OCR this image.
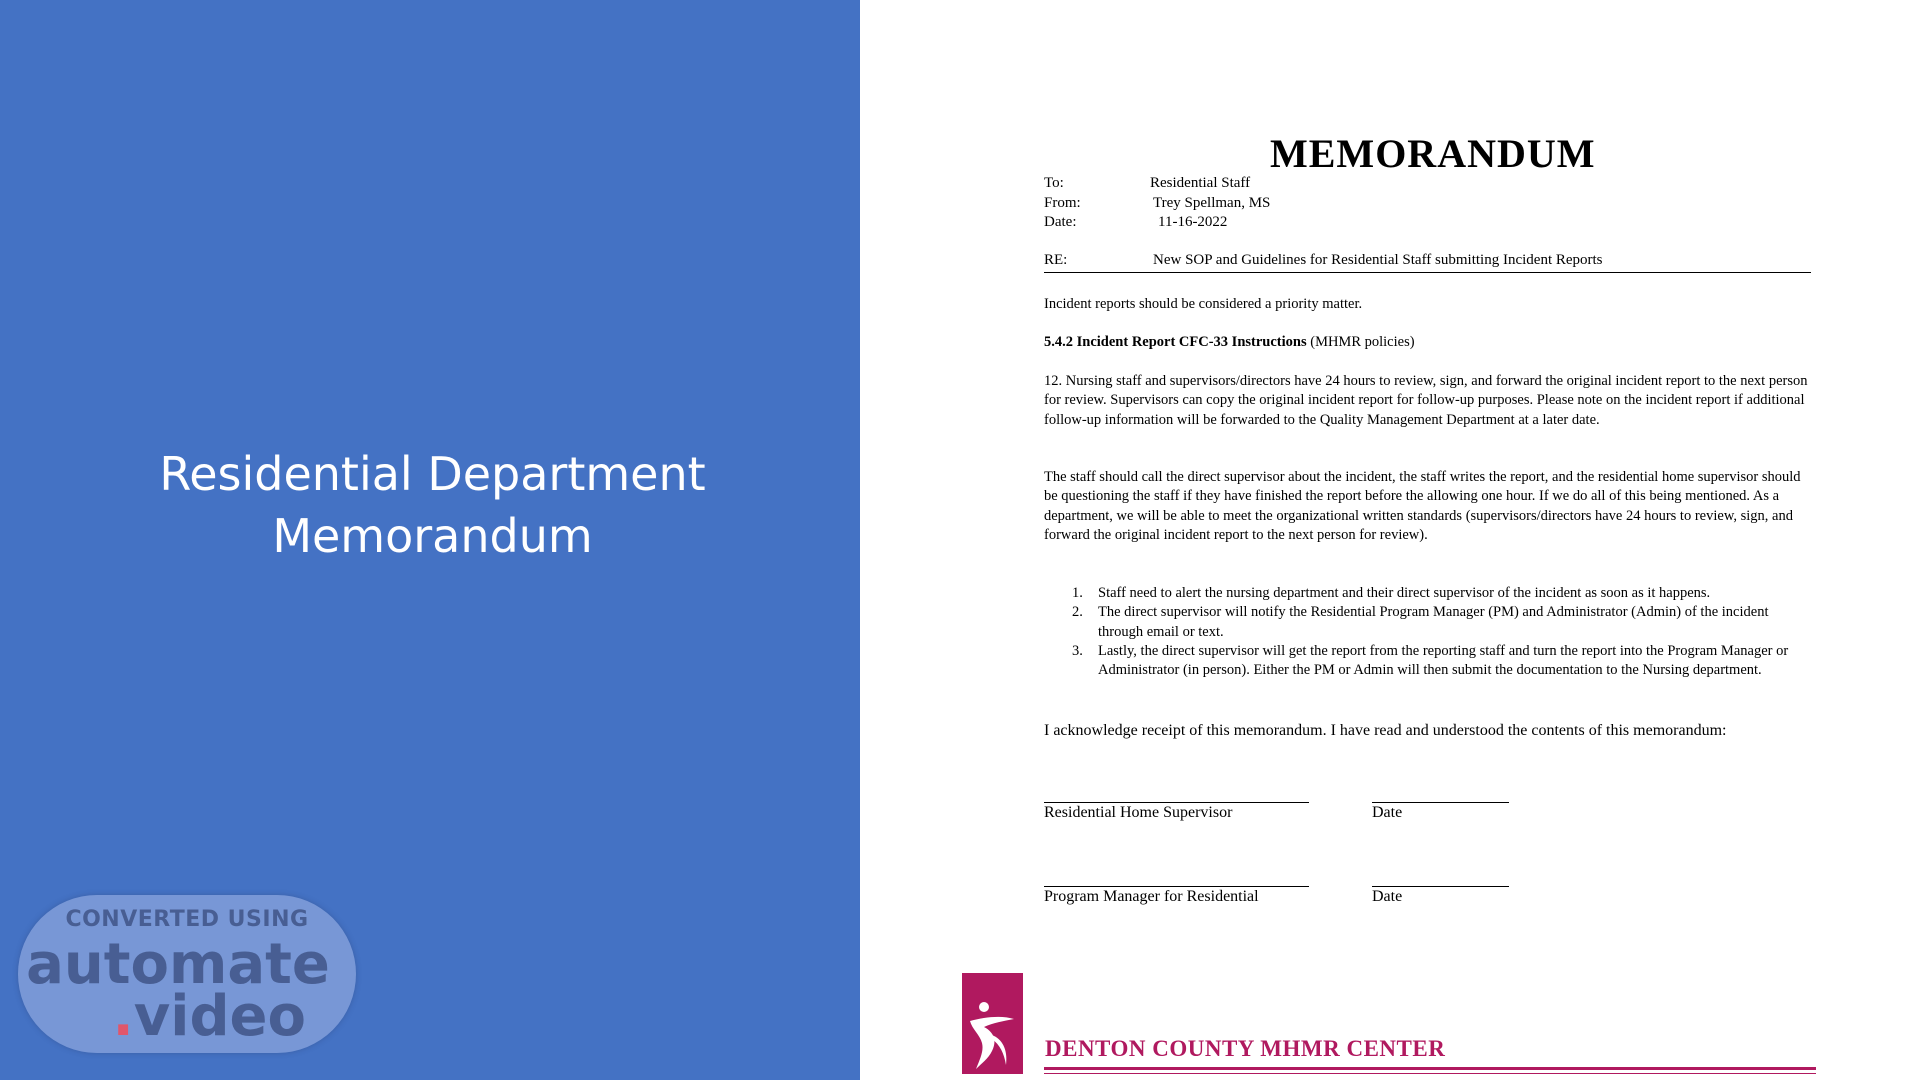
Residential Department
Memorandum
CONVERTED USING
automate
.video
MEMORANDUM
To:	Residential Staff
From:	Trey Spellman, MS
Date:	11-16-2022
RE:	New SOP and Guidelines for Residential Staff submitting Incident Reports
Incident reports should be considered a priority matter.
5.4.2 Incident Report CFC-33 Instructions (MHMR policies)
12. Nursing staff and supervisors/directors have 24 hours to review, sign, and forward the original incident report to the next person for review. Supervisors can copy the original incident report for follow-up purposes. Please note on the incident report if additional follow-up information will be forwarded to the Quality Management Department at a later date.
The staff should call the direct supervisor about the incident, the staff writes the report, and the residential home supervisor should be questioning the staff if they have finished the report before the allowing one hour. If we do all of this being mentioned. As a department, we will be able to meet the organizational written standards (supervisors/directors have 24 hours to review, sign, and forward the original incident report to the next person for review).
1. Staff need to alert the nursing department and their direct supervisor of the incident as soon as it happens.
2. The direct supervisor will notify the Residential Program Manager (PM) and Administrator (Admin) of the incident through email or text.
3. Lastly, the direct supervisor will get the report from the reporting staff and turn the report into the Program Manager or Administrator (in person). Either the PM or Admin will then submit the documentation to the Nursing department.
I acknowledge receipt of this memorandum. I have read and understood the contents of this memorandum:
Residential Home Supervisor	Date
Program Manager for Residential	Date
DENTON COUNTY MHMR CENTER
